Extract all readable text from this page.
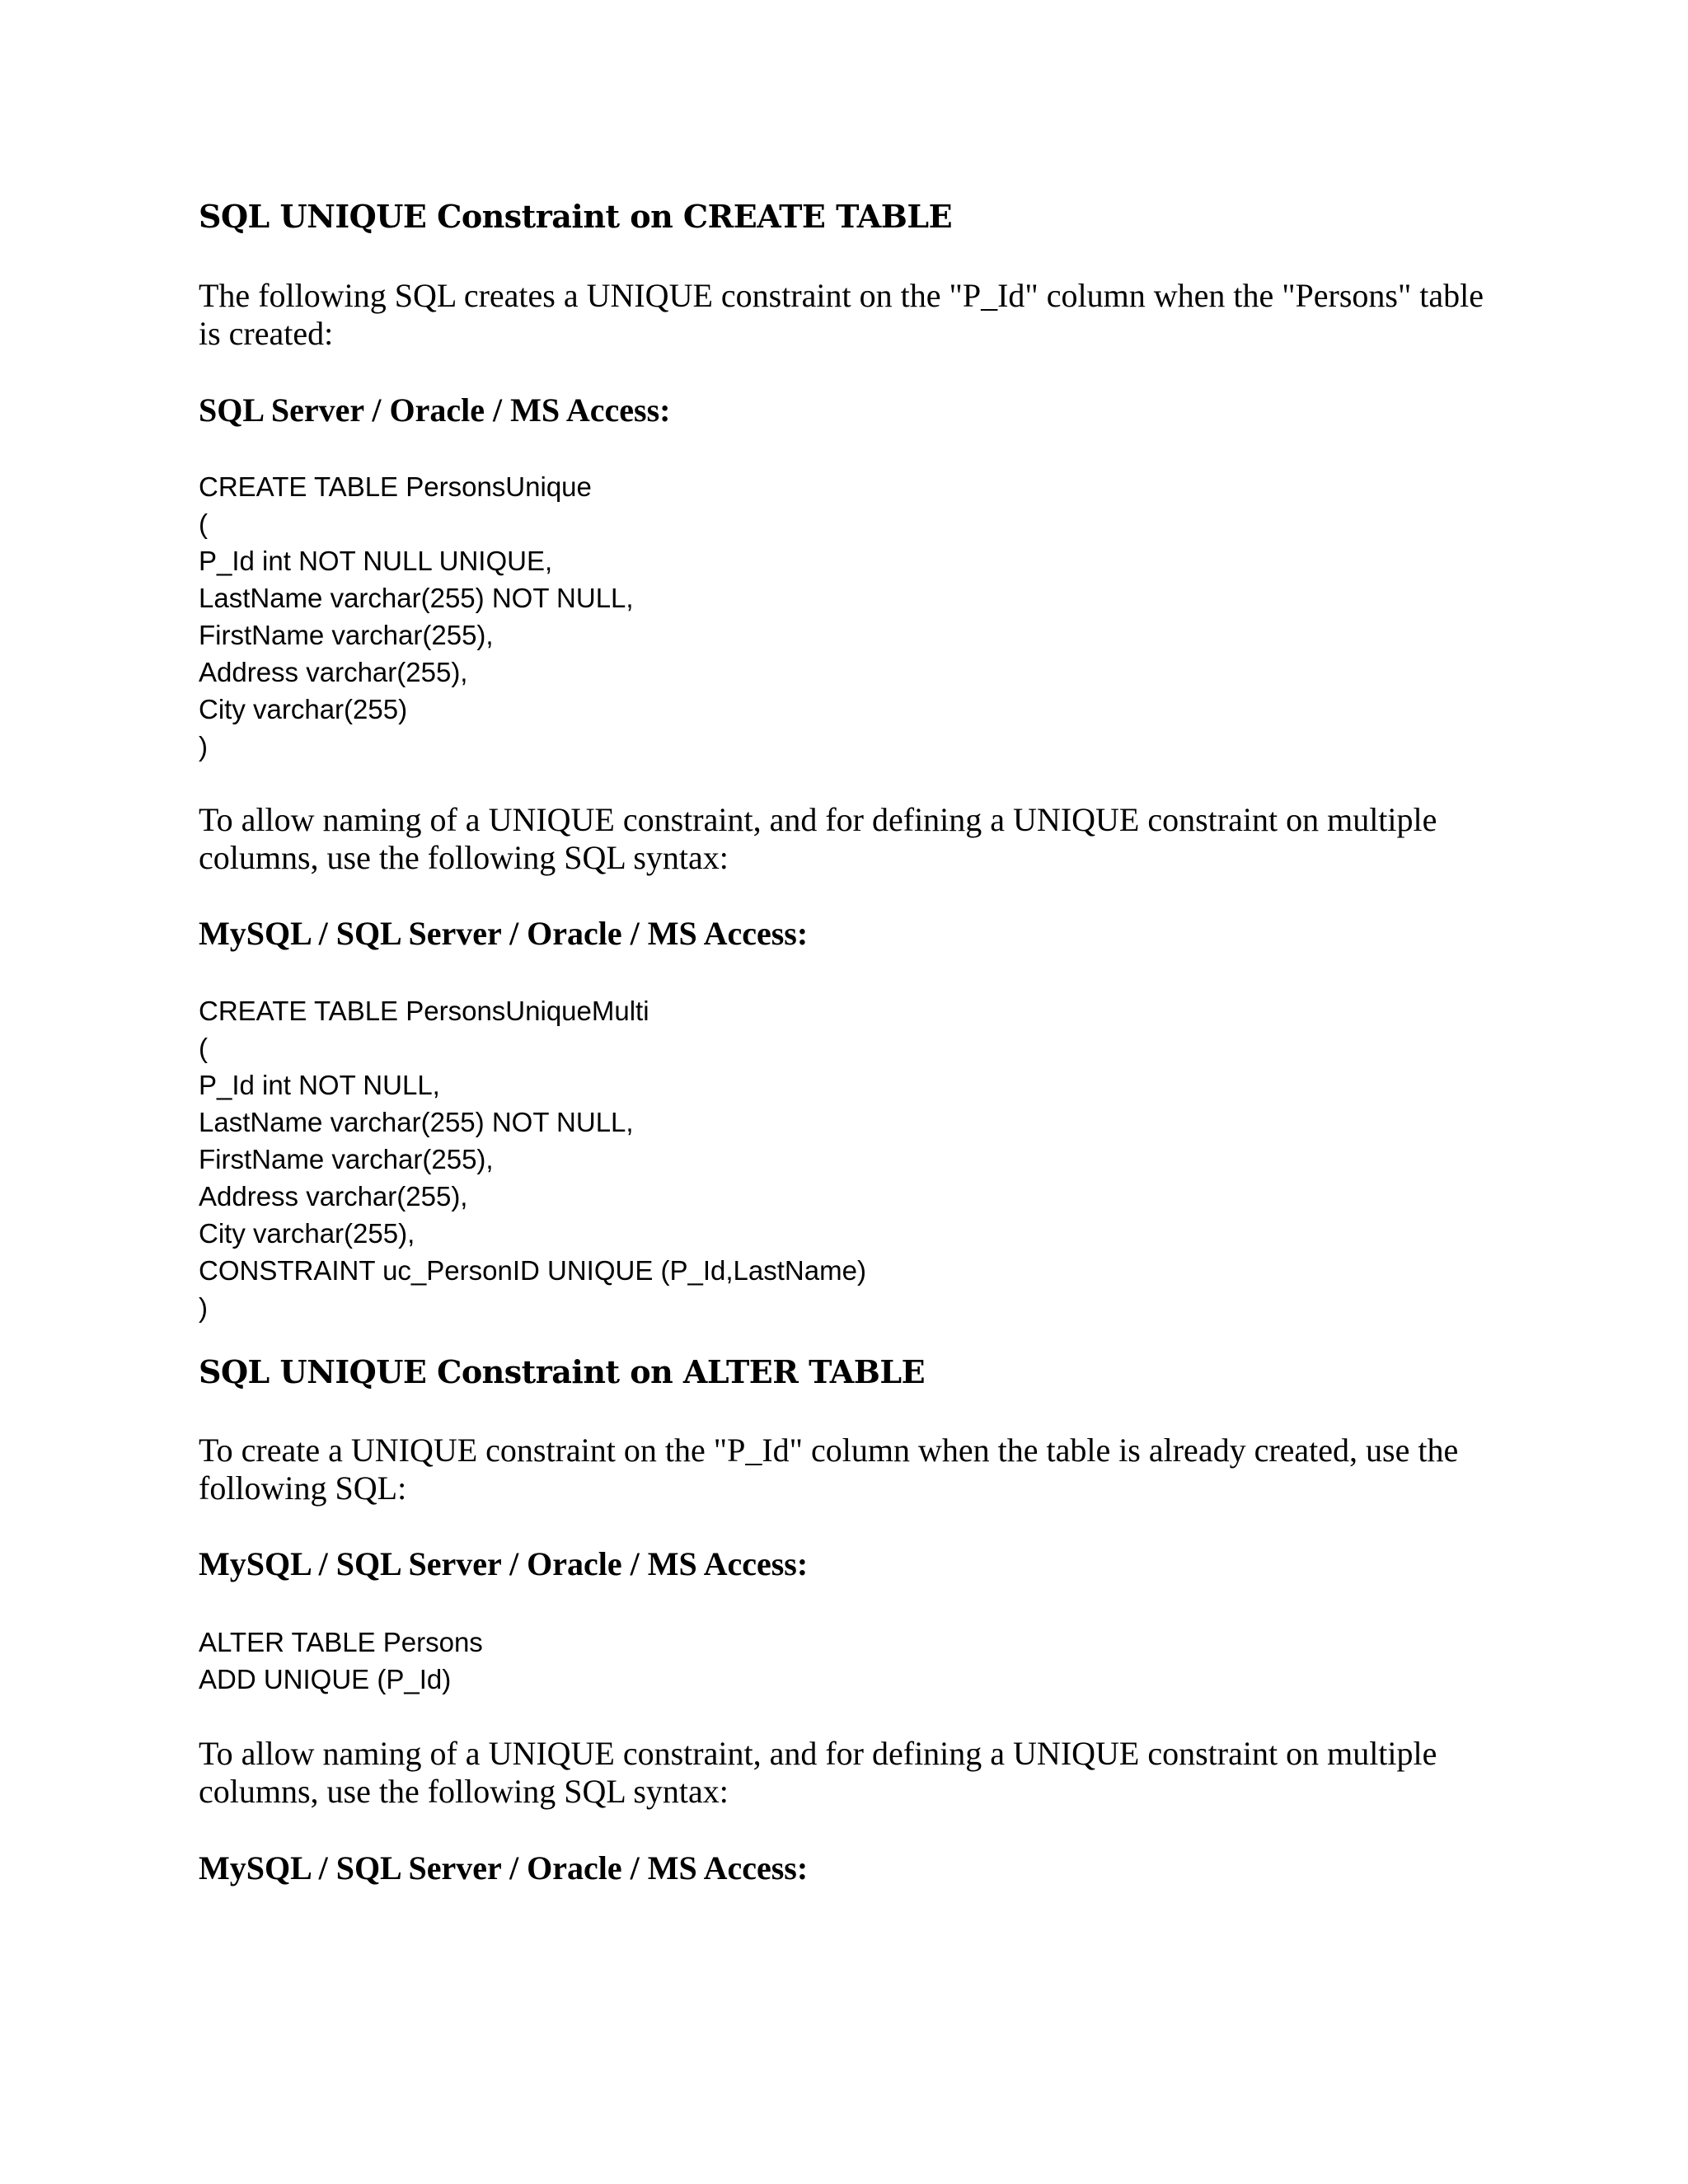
SQL UNIQUE Constraint on CREATE TABLE

The following SQL creates a UNIQUE constraint on the "P_Id" column when the "Persons" table is created:

SQL Server / Oracle / MS Access:
CREATE TABLE PersonsUnique
(
P_Id int NOT NULL UNIQUE,
LastName varchar(255) NOT NULL,
FirstName varchar(255),
Address varchar(255),
City varchar(255)
)

To allow naming of a UNIQUE constraint, and for defining a UNIQUE constraint on multiple columns, use the following SQL syntax:

MySQL / SQL Server / Oracle / MS Access:
CREATE TABLE PersonsUniqueMulti
(
P_Id int NOT NULL,
LastName varchar(255) NOT NULL,
FirstName varchar(255),
Address varchar(255),
City varchar(255),
CONSTRAINT uc_PersonID UNIQUE (P_Id,LastName)
)
SQL UNIQUE Constraint on ALTER TABLE

To create a UNIQUE constraint on the "P_Id" column when the table is already created, use the following SQL:

MySQL / SQL Server / Oracle / MS Access:
ALTER TABLE Persons
ADD UNIQUE (P_Id)

To allow naming of a UNIQUE constraint, and for defining a UNIQUE constraint on multiple columns, use the following SQL syntax:

MySQL / SQL Server / Oracle / MS Access:
